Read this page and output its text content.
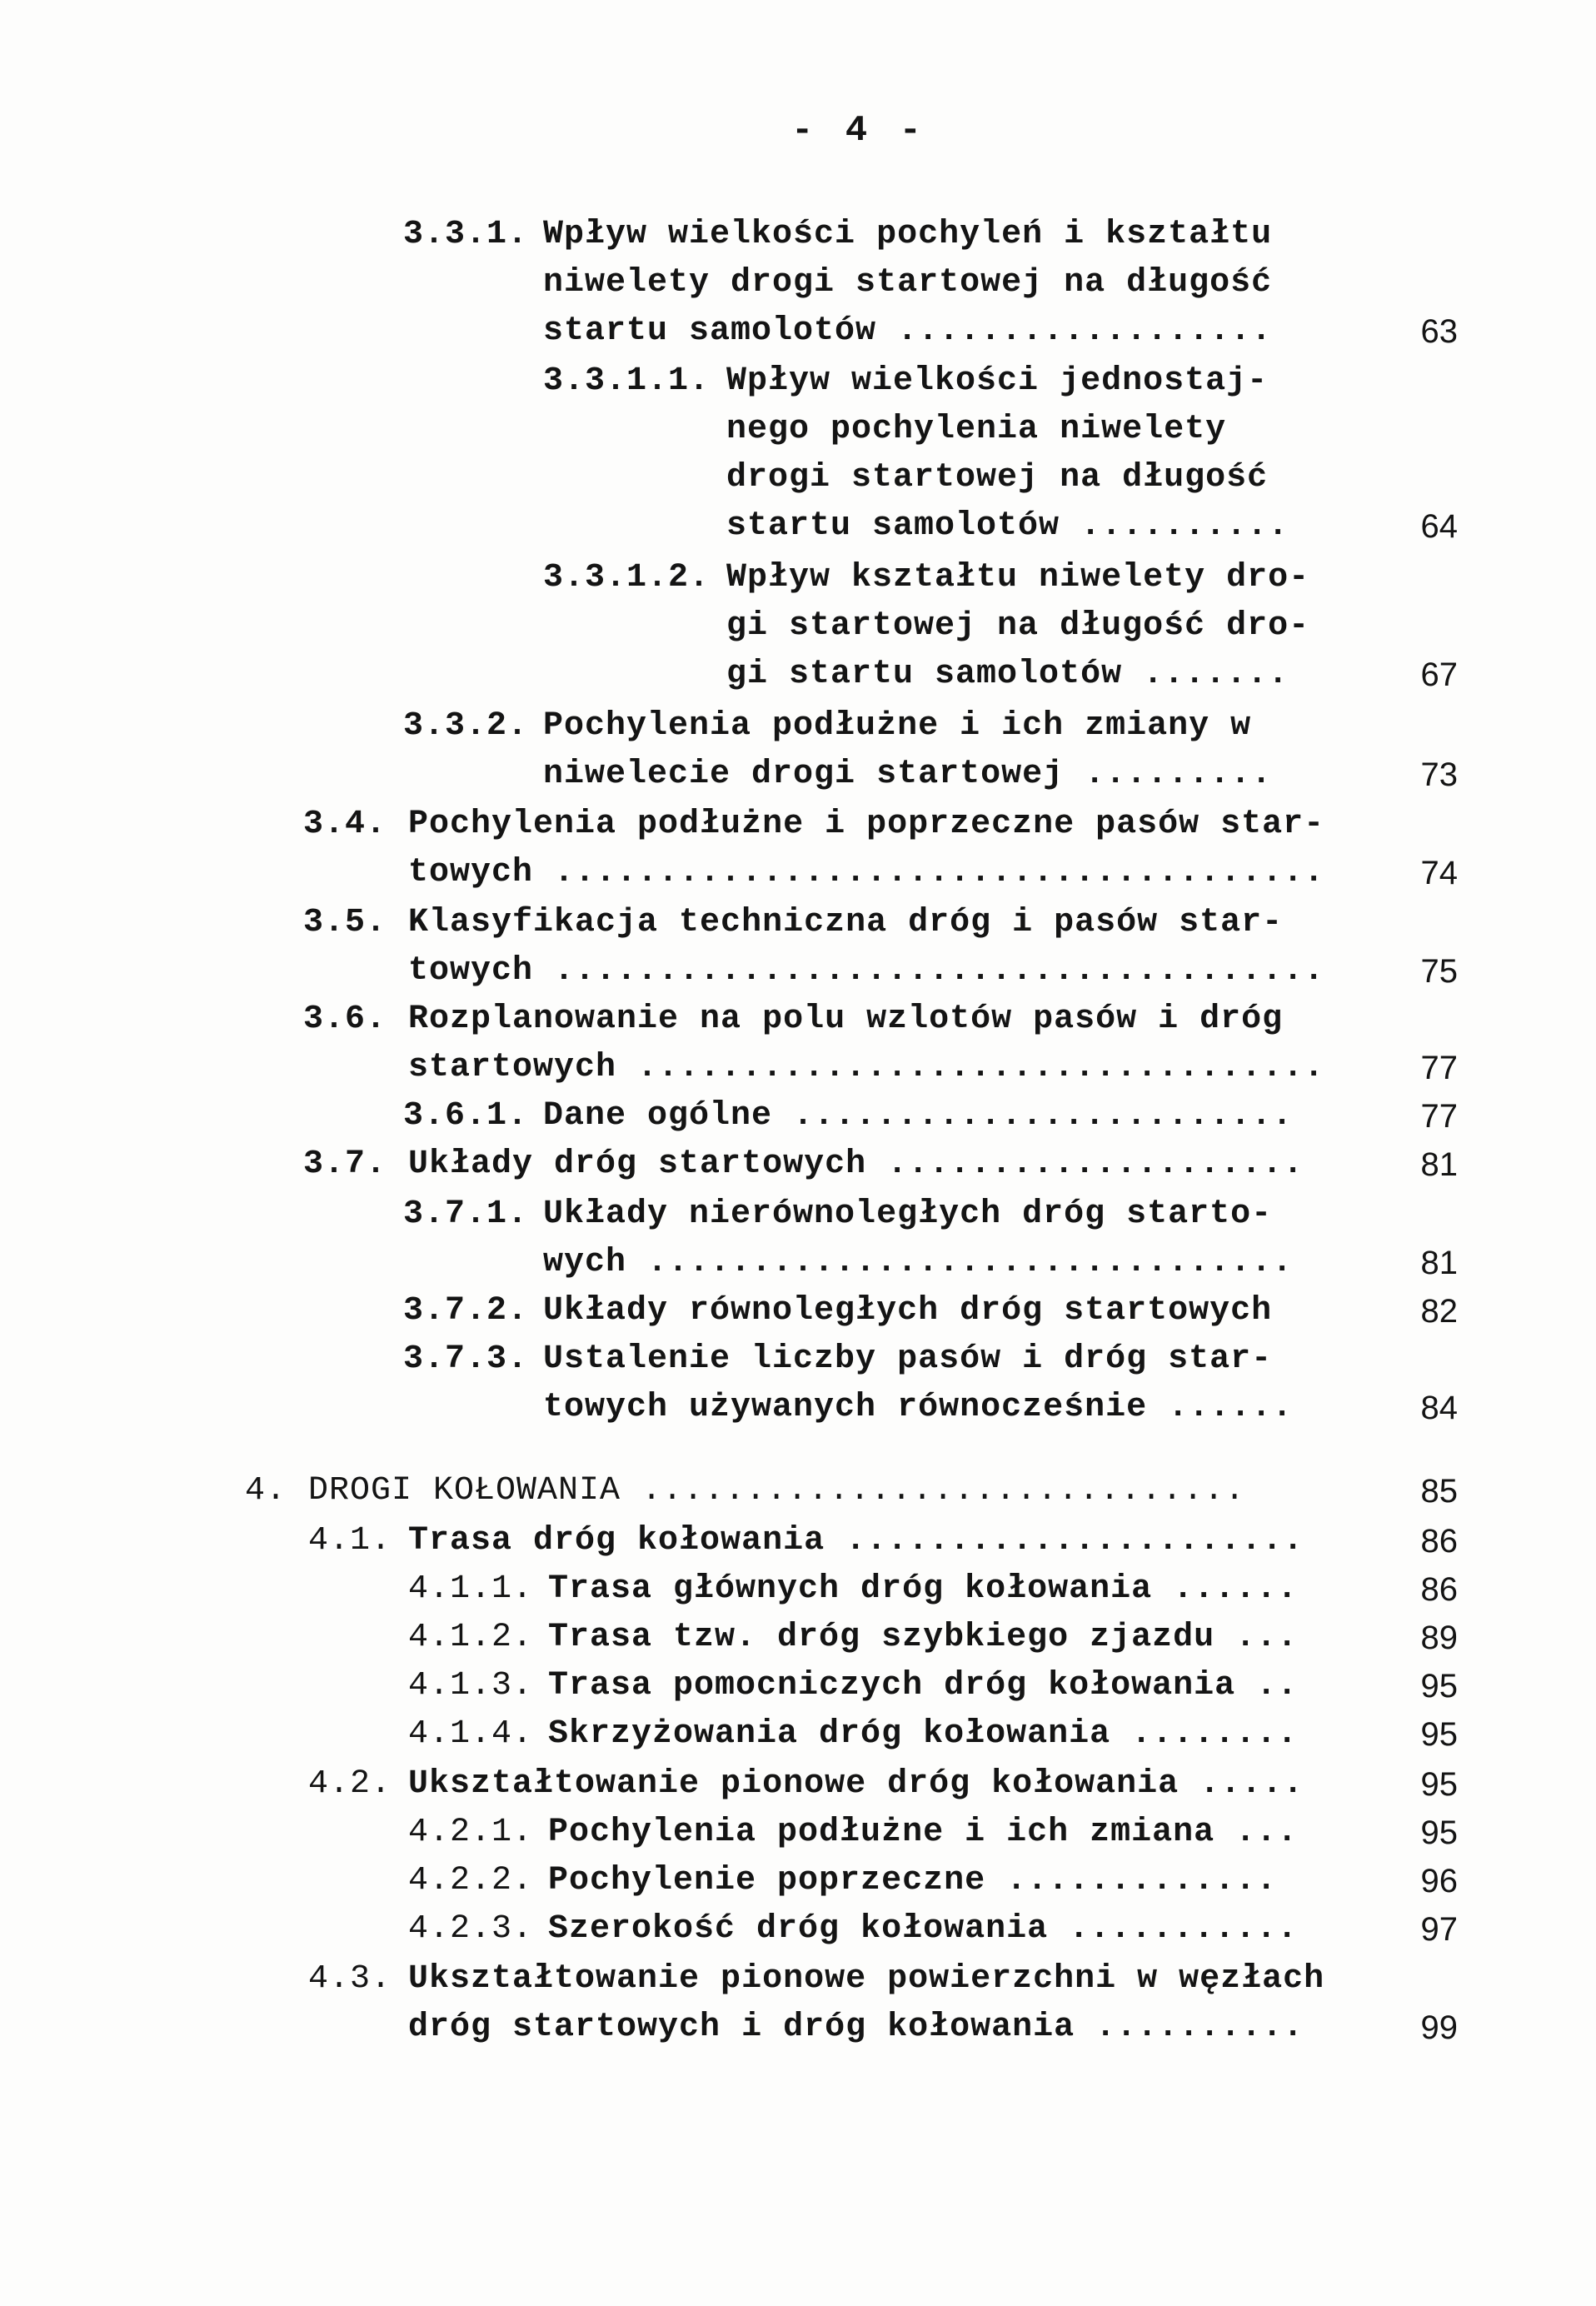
- 4 -
3.3.1. Wpływ wielkości pochyleń i kształtu
niwelety drogi startowej na długość
startu samolotów ..................	63
3.3.1.1. Wpływ wielkości jednostaj-
nego pochylenia niwelety
drogi startowej na długość
startu samolotów ..........	64
3.3.1.2. Wpływ kształtu niwelety dro-
gi startowej na długość dro-
gi startu samolotów .......	67
3.3.2. Pochylenia podłużne i ich zmiany w
niwelecie drogi startowej .........	73
3.4. Pochylenia podłużne i poprzeczne pasów star-
towych .....................................	74
3.5. Klasyfikacja techniczna dróg i pasów star-
towych .....................................	75
3.6. Rozplanowanie na polu wzlotów pasów i dróg
startowych .................................	77
3.6.1. Dane ogólne ........................	77
3.7. Układy dróg startowych ....................	81
3.7.1. Układy nierównoległych dróg starto-
wych ...............................	81
3.7.2. Układy równoległych dróg startowych	82
3.7.3. Ustalenie liczby pasów i dróg star-
towych używanych równocześnie ......	84
4. DROGI KOŁOWANIA .............................	85
4.1. Trasa dróg kołowania ......................	86
4.1.1. Trasa głównych dróg kołowania ......	86
4.1.2. Trasa tzw. dróg szybkiego zjazdu ...	89
4.1.3. Trasa pomocniczych dróg kołowania ..	95
4.1.4. Skrzyżowania dróg kołowania ........	95
4.2. Ukształtowanie pionowe dróg kołowania .....	95
4.2.1. Pochylenia podłużne i ich zmiana ...	95
4.2.2. Pochylenie poprzeczne .............	96
4.2.3. Szerokość dróg kołowania ...........	97
4.3. Ukształtowanie pionowe powierzchni w węzłach
dróg startowych i dróg kołowania ..........	99
